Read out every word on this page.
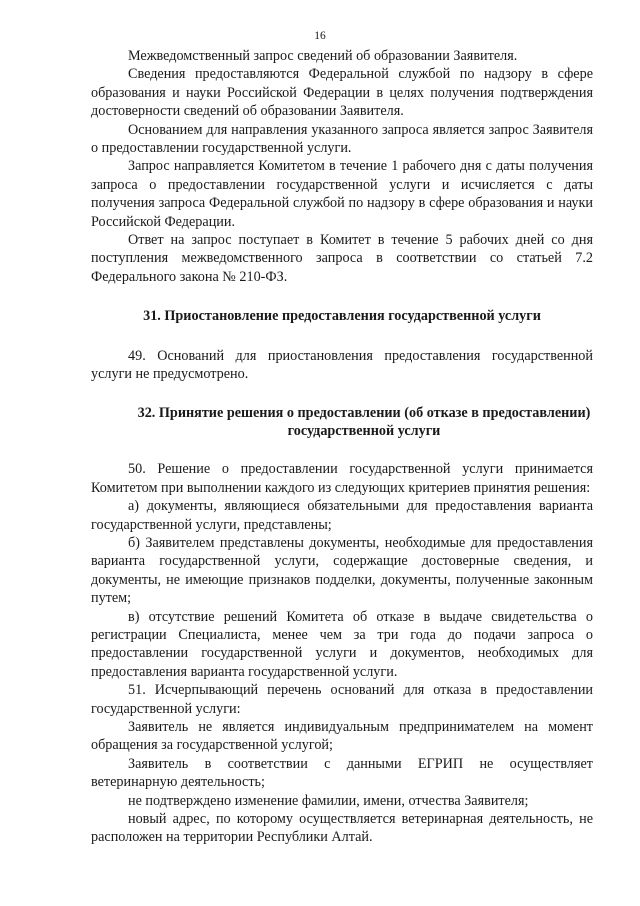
16

Межведомственный запрос сведений об образовании Заявителя.

Сведения предоставляются Федеральной службой по надзору в сфере образования и науки Российской Федерации в целях получения подтверждения достоверности сведений об образовании Заявителя.

Основанием для направления указанного запроса является запрос Заявителя о предоставлении государственной услуги.

Запрос направляется Комитетом в течение 1 рабочего дня с даты получения запроса о предоставлении государственной услуги и исчисляется с даты получения запроса Федеральной службой по надзору в сфере образования и науки Российской Федерации.

Ответ на запрос поступает в Комитет в течение 5 рабочих дней со дня поступления межведомственного запроса в соответствии со статьей 7.2 Федерального закона № 210-ФЗ.

31. Приостановление предоставления государственной услуги

49. Оснований для приостановления предоставления государственной услуги не предусмотрено.

32. Принятие решения о предоставлении (об отказе в предоставлении) государственной услуги

50. Решение о предоставлении государственной услуги принимается Комитетом при выполнении каждого из следующих критериев принятия решения:

а) документы, являющиеся обязательными для предоставления варианта государственной услуги, представлены;

б) Заявителем представлены документы, необходимые для предоставления варианта государственной услуги, содержащие достоверные сведения, и документы, не имеющие признаков подделки, документы, полученные законным путем;

в) отсутствие решений Комитета об отказе в выдаче свидетельства о регистрации Специалиста, менее чем за три года до подачи запроса о предоставлении государственной услуги и документов, необходимых для предоставления варианта государственной услуги.

51. Исчерпывающий перечень оснований для отказа в предоставлении государственной услуги:

Заявитель не является индивидуальным предпринимателем на момент обращения за государственной услугой;

Заявитель в соответствии с данными ЕГРИП не осуществляет ветеринарную деятельность;

не подтверждено изменение фамилии, имени, отчества Заявителя;

новый адрес, по которому осуществляется ветеринарная деятельность, не расположен на территории Республики Алтай.
